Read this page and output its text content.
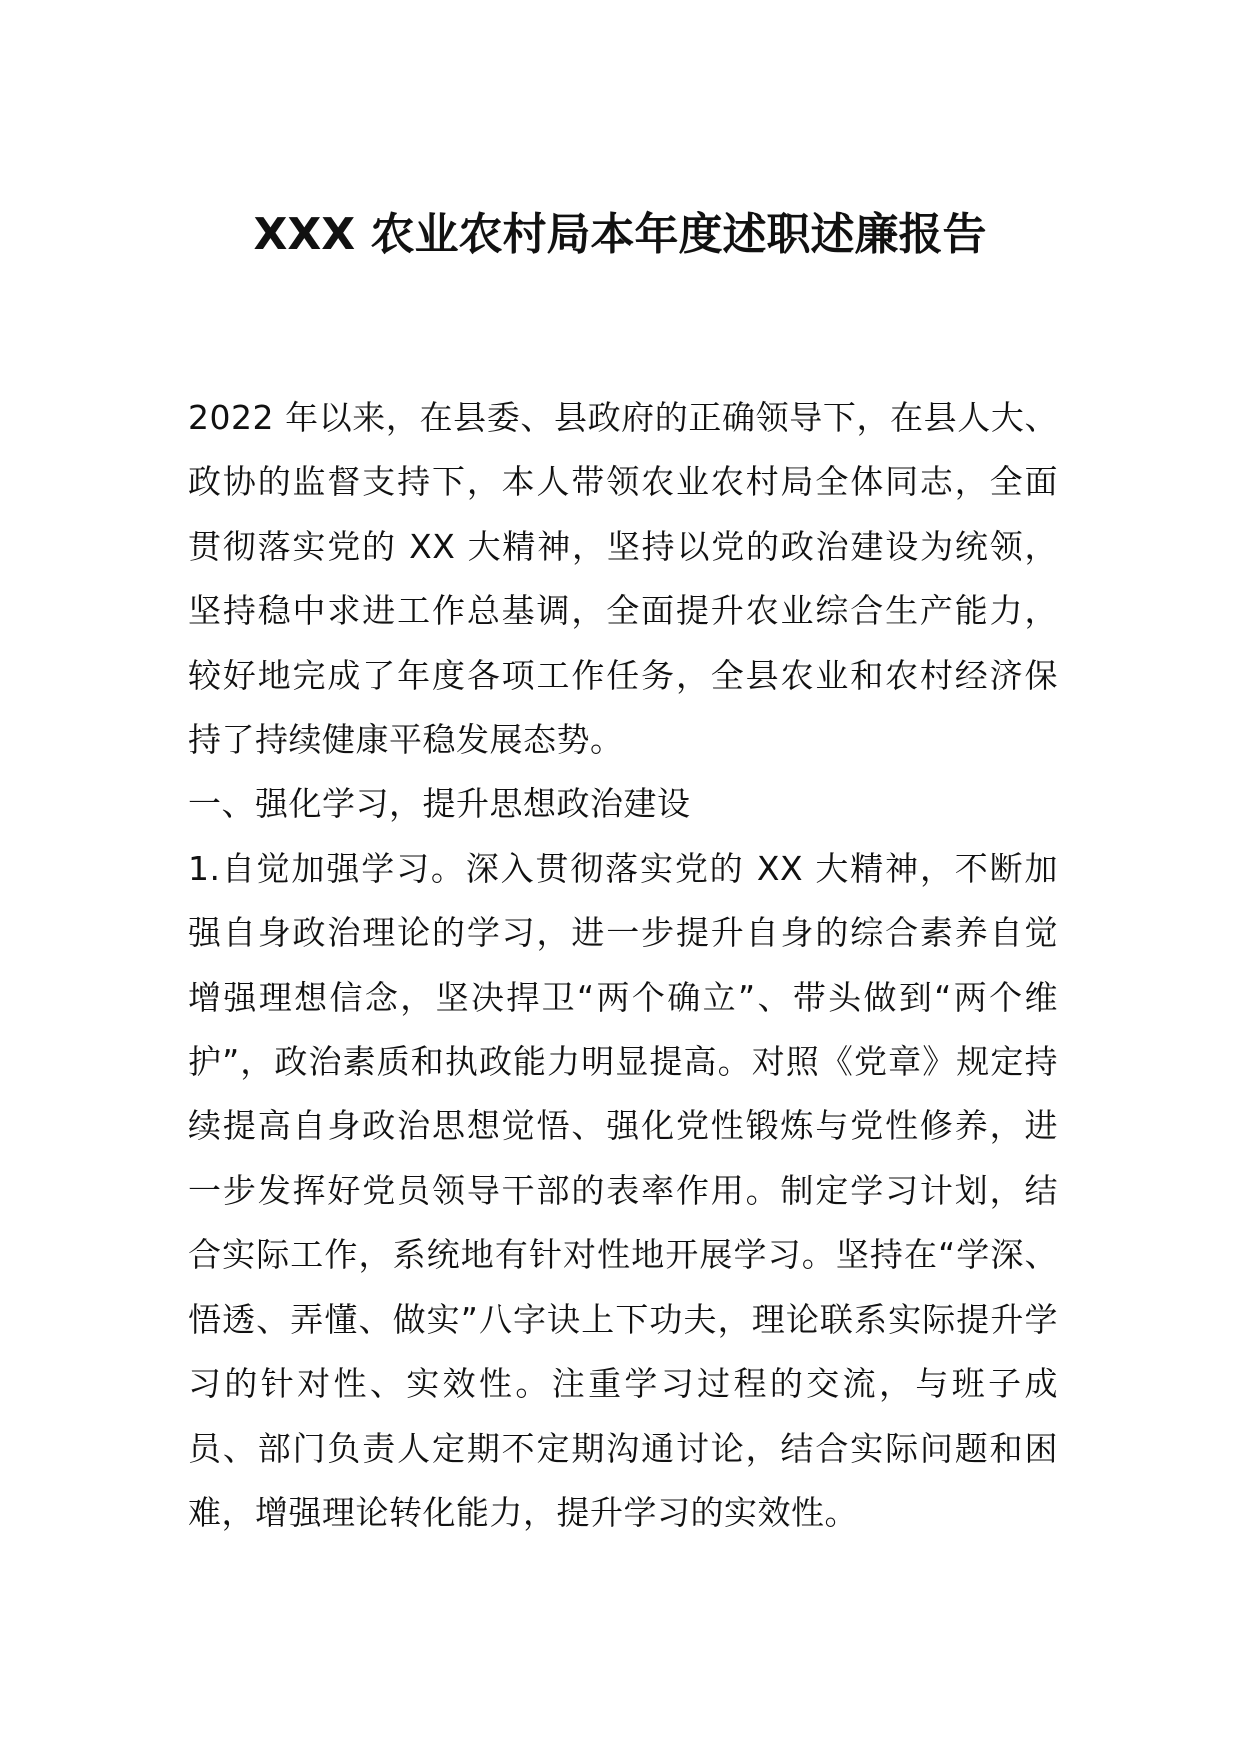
XXX 农业农村局本年度述职述廉报告

2022 年以来，在县委、县政府的正确领导下，在县人大、政协的监督支持下，本人带领农业农村局全体同志，全面贯彻落实党的 XX 大精神，坚持以党的政治建设为统领，坚持稳中求进工作总基调，全面提升农业综合生产能力，较好地完成了年度各项工作任务，全县农业和农村经济保持了持续健康平稳发展态势。

一、强化学习，提升思想政治建设

1.自觉加强学习。深入贯彻落实党的 XX 大精神，不断加强自身政治理论的学习，进一步提升自身的综合素养自觉增强理想信念，坚决捍卫“两个确立”、带头做到“两个维护”，政治素质和执政能力明显提高。对照《党章》规定持续提高自身政治思想觉悟、强化党性锻炼与党性修养，进一步发挥好党员领导干部的表率作用。制定学习计划，结合实际工作，系统地有针对性地开展学习。坚持在“学深、悟透、弄懂、做实”八字诀上下功夫，理论联系实际提升学习的针对性、实效性。注重学习过程的交流，与班子成员、部门负责人定期不定期沟通讨论，结合实际问题和困难，增强理论转化能力，提升学习的实效性。
